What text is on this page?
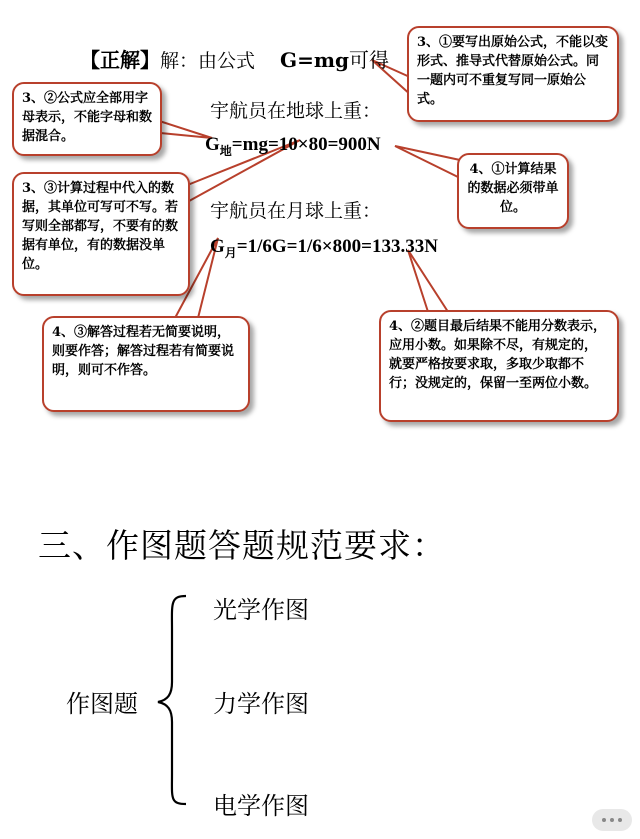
【正解】解：由公式 G=mg可得
宇航员在地球上重：
$G_地=mg=10\times 80=900N$
宇航员在月球上重：
$G_月=1/6G=1/6\times 800=133.33N$
3、①要写出原始公式，不能以变形式、推导式代替原始公式。同一题内可不重复写同一原始公式。
3、②公式应全部用字母表示，不能字母和数据混合。
4、①计算结果的数据必须带单位。
3、③计算过程中代入的数据，其单位可写可不写。若写则全部都写，不要有的数据有单位，有的数据没单位。
4、③解答过程若无简要说明，则要作答；解答过程若有简要说明，则可不作答。
4、②题目最后结果不能用分数表示，应用小数。如果除不尽，有规定的，就要严格按要求取，多取少取都不行；没规定的，保留一至两位小数。
三、作图题答题规范要求：
作图题
光学作图
力学作图
电学作图
